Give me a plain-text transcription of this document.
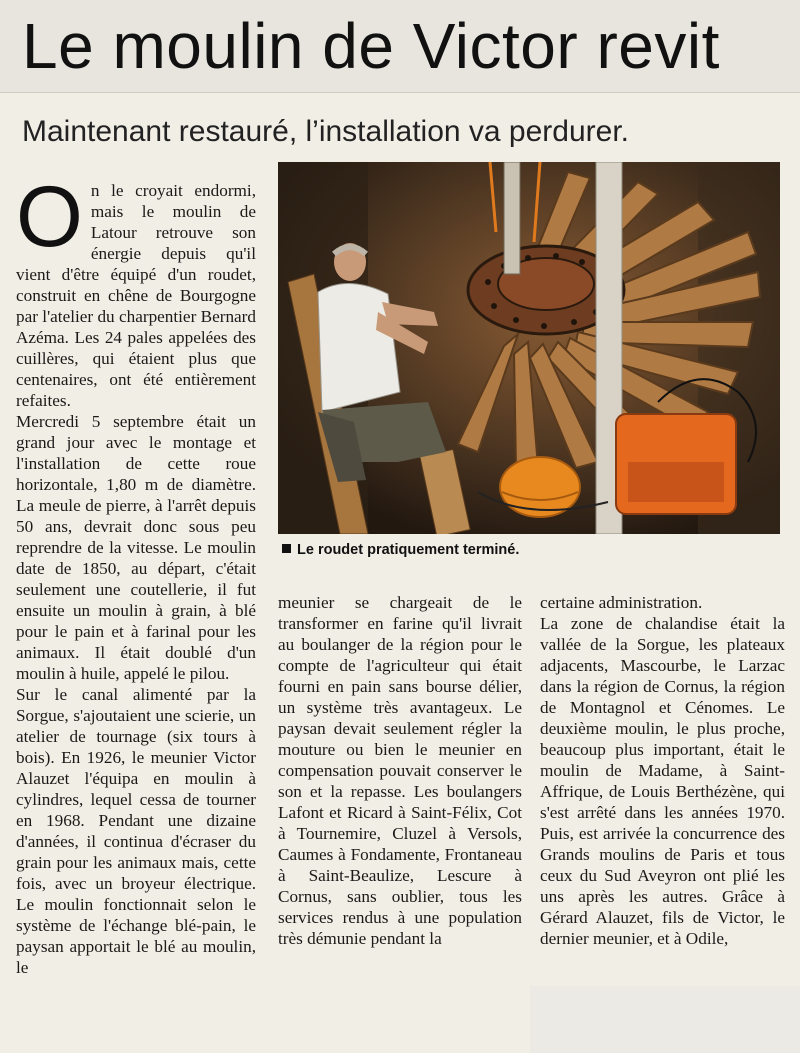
Le moulin de Victor revit
Maintenant restauré, l’installation va perdurer.
O n le croyait endormi, mais le moulin de Latour retrouve son énergie depuis qu'il vient d'être équipé d'un roudet, construit en chêne de Bourgogne par l'atelier du charpentier Bernard Azéma. Les 24 pales appelées des cuillères, qui étaient plus que centenaires, ont été entièrement refaites.

Mercredi 5 septembre était un grand jour avec le montage et l'installation de cette roue horizontale, 1,80 m de diamètre. La meule de pierre, à l'arrêt depuis 50 ans, devrait donc sous peu reprendre de la vitesse. Le moulin date de 1850, au départ, c'était seulement une coutellerie, il fut ensuite un moulin à grain, à blé pour le pain et à farinal pour les animaux. Il était doublé d'un moulin à huile, appelé le pilou.

Sur le canal alimenté par la Sorgue, s'ajoutaient une scierie, un atelier de tournage (six tours à bois). En 1926, le meunier Victor Alauzet l'équipa en moulin à cylindres, lequel cessa de tourner en 1968. Pendant une dizaine d'années, il continua d'écraser du grain pour les animaux mais, cette fois, avec un broyeur électrique. Le moulin fonctionnait selon le système de l'échange blé-pain, le paysan apportait le blé au moulin, le

Le roudet pratiquement terminé.

meunier se chargeait de le transformer en farine qu'il livrait au boulanger de la région pour le compte de l'agriculteur qui était fourni en pain sans bourse délier, un système très avantageux. Le paysan devait seulement régler la mouture ou bien le meunier en compensation pouvait conserver le son et la repasse. Les boulangers Lafont et Ricard à Saint-Félix, Cot à Tournemire, Cluzel à Versols, Caumes à Fondamente, Frontaneau à Saint-Beaulize, Lescure à Cornus, sans oublier, tous les services rendus à une population très démunie pendant la

certaine administration.

La zone de chalandise était la vallée de la Sorgue, les plateaux adjacents, Mascourbe, le Larzac dans la région de Cornus, la région de Montagnol et Cénomes. Le deuxième moulin, le plus proche, beaucoup plus important, était le moulin de Madame, à Saint-Affrique, de Louis Berthézène, qui s'est arrêté dans les années 1970. Puis, est arrivée la concurrence des Grands moulins de Paris et tous ceux du Sud Aveyron ont plié les uns après les autres. Grâce à Gérard Alauzet, fils de Victor, le dernier meunier, et à Odile,
